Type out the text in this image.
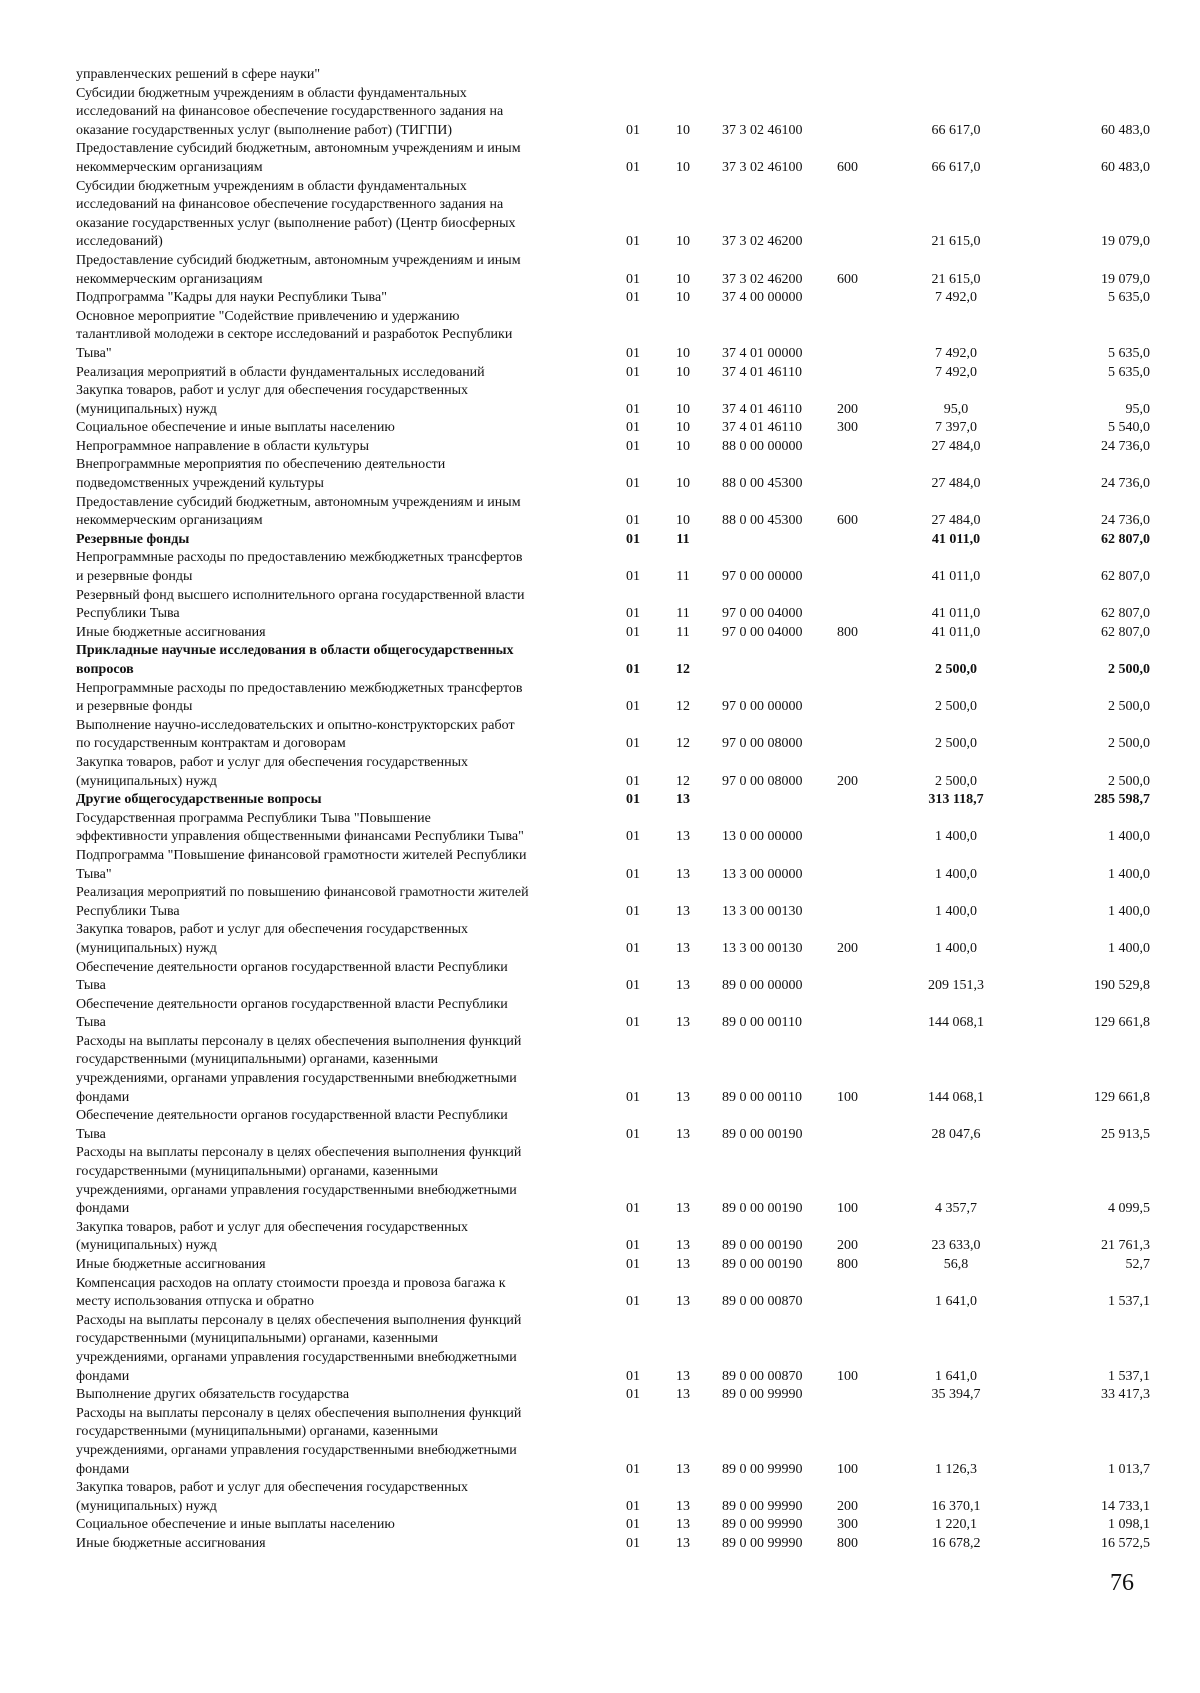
управленческих решений в сфере науки"						
Субсидии бюджетным учреждениям в области фундаментальных
исследований на финансовое обеспечение государственного задания на
оказание государственных услуг (выполнение работ) (ТИГПИ)	01	10	37 3 02 46100		66 617,0	60 483,0
Предоставление субсидий бюджетным, автономным учреждениям и иным
некоммерческим организациям	01	10	37 3 02 46100	600	66 617,0	60 483,0
Субсидии бюджетным учреждениям в области фундаментальных
исследований на финансовое обеспечение государственного задания на
оказание государственных услуг (выполнение работ) (Центр биосферных
исследований)	01	10	37 3 02 46200		21 615,0	19 079,0
Предоставление субсидий бюджетным, автономным учреждениям и иным
некоммерческим организациям	01	10	37 3 02 46200	600	21 615,0	19 079,0
Подпрограмма "Кадры для науки Республики Тыва"	01	10	37 4 00 00000		7 492,0	5 635,0
Основное мероприятие "Содействие привлечению и удержанию
талантливой молодежи в секторе исследований и разработок Республики
Тыва"	01	10	37 4 01 00000		7 492,0	5 635,0
Реализация мероприятий в области фундаментальных исследований	01	10	37 4 01 46110		7 492,0	5 635,0
Закупка товаров, работ и услуг для обеспечения государственных
(муниципальных) нужд	01	10	37 4 01 46110	200	95,0	95,0
Социальное обеспечение и иные выплаты населению	01	10	37 4 01 46110	300	7 397,0	5 540,0
Непрограммное направление в области культуры	01	10	88 0 00 00000		27 484,0	24 736,0
Внепрограммные мероприятия по обеспечению деятельности
подведомственных учреждений культуры	01	10	88 0 00 45300		27 484,0	24 736,0
Предоставление субсидий бюджетным, автономным учреждениям и иным
некоммерческим организациям	01	10	88 0 00 45300	600	27 484,0	24 736,0
Резервные фонды	01	11			41 011,0	62 807,0
Непрограммные расходы по предоставлению межбюджетных трансфертов
и резервные фонды	01	11	97 0 00 00000		41 011,0	62 807,0
Резервный фонд высшего исполнительного органа государственной власти
Республики Тыва	01	11	97 0 00 04000		41 011,0	62 807,0
Иные бюджетные ассигнования	01	11	97 0 00 04000	800	41 011,0	62 807,0
Прикладные научные исследования в области общегосударственных
вопросов	01	12			2 500,0	2 500,0
Непрограммные расходы по предоставлению межбюджетных трансфертов
и резервные фонды	01	12	97 0 00 00000		2 500,0	2 500,0
Выполнение научно-исследовательских и опытно-конструкторских работ
по государственным контрактам и договорам	01	12	97 0 00 08000		2 500,0	2 500,0
Закупка товаров, работ и услуг для обеспечения государственных
(муниципальных) нужд	01	12	97 0 00 08000	200	2 500,0	2 500,0
Другие общегосударственные вопросы	01	13			313 118,7	285 598,7
Государственная программа Республики Тыва "Повышение
эффективности управления общественными финансами Республики Тыва"	01	13	13 0 00 00000		1 400,0	1 400,0
Подпрограмма "Повышение финансовой грамотности жителей Республики
Тыва"	01	13	13 3 00 00000		1 400,0	1 400,0
Реализация мероприятий по повышению финансовой грамотности жителей
Республики Тыва	01	13	13 3 00 00130		1 400,0	1 400,0
Закупка товаров, работ и услуг для обеспечения государственных
(муниципальных) нужд	01	13	13 3 00 00130	200	1 400,0	1 400,0
Обеспечение деятельности органов государственной власти Республики
Тыва	01	13	89 0 00 00000		209 151,3	190 529,8
Обеспечение деятельности органов государственной власти Республики
Тыва	01	13	89 0 00 00110		144 068,1	129 661,8
Расходы на выплаты персоналу в целях обеспечения выполнения функций
государственными (муниципальными) органами, казенными
учреждениями, органами управления государственными внебюджетными
фондами	01	13	89 0 00 00110	100	144 068,1	129 661,8
Обеспечение деятельности органов государственной власти Республики
Тыва	01	13	89 0 00 00190		28 047,6	25 913,5
Расходы на выплаты персоналу в целях обеспечения выполнения функций
государственными (муниципальными) органами, казенными
учреждениями, органами управления государственными внебюджетными
фондами	01	13	89 0 00 00190	100	4 357,7	4 099,5
Закупка товаров, работ и услуг для обеспечения государственных
(муниципальных) нужд	01	13	89 0 00 00190	200	23 633,0	21 761,3
Иные бюджетные ассигнования	01	13	89 0 00 00190	800	56,8	52,7
Компенсация расходов на оплату стоимости проезда и провоза багажа к
месту использования отпуска и обратно	01	13	89 0 00 00870		1 641,0	1 537,1
Расходы на выплаты персоналу в целях обеспечения выполнения функций
государственными (муниципальными) органами, казенными
учреждениями, органами управления государственными внебюджетными
фондами	01	13	89 0 00 00870	100	1 641,0	1 537,1
Выполнение других обязательств государства	01	13	89 0 00 99990		35 394,7	33 417,3
Расходы на выплаты персоналу в целях обеспечения выполнения функций
государственными (муниципальными) органами, казенными
учреждениями, органами управления государственными внебюджетными
фондами	01	13	89 0 00 99990	100	1 126,3	1 013,7
Закупка товаров, работ и услуг для обеспечения государственных
(муниципальных) нужд	01	13	89 0 00 99990	200	16 370,1	14 733,1
Социальное обеспечение и иные выплаты населению	01	13	89 0 00 99990	300	1 220,1	1 098,1
Иные бюджетные ассигнования	01	13	89 0 00 99990	800	16 678,2	16 572,5
76
